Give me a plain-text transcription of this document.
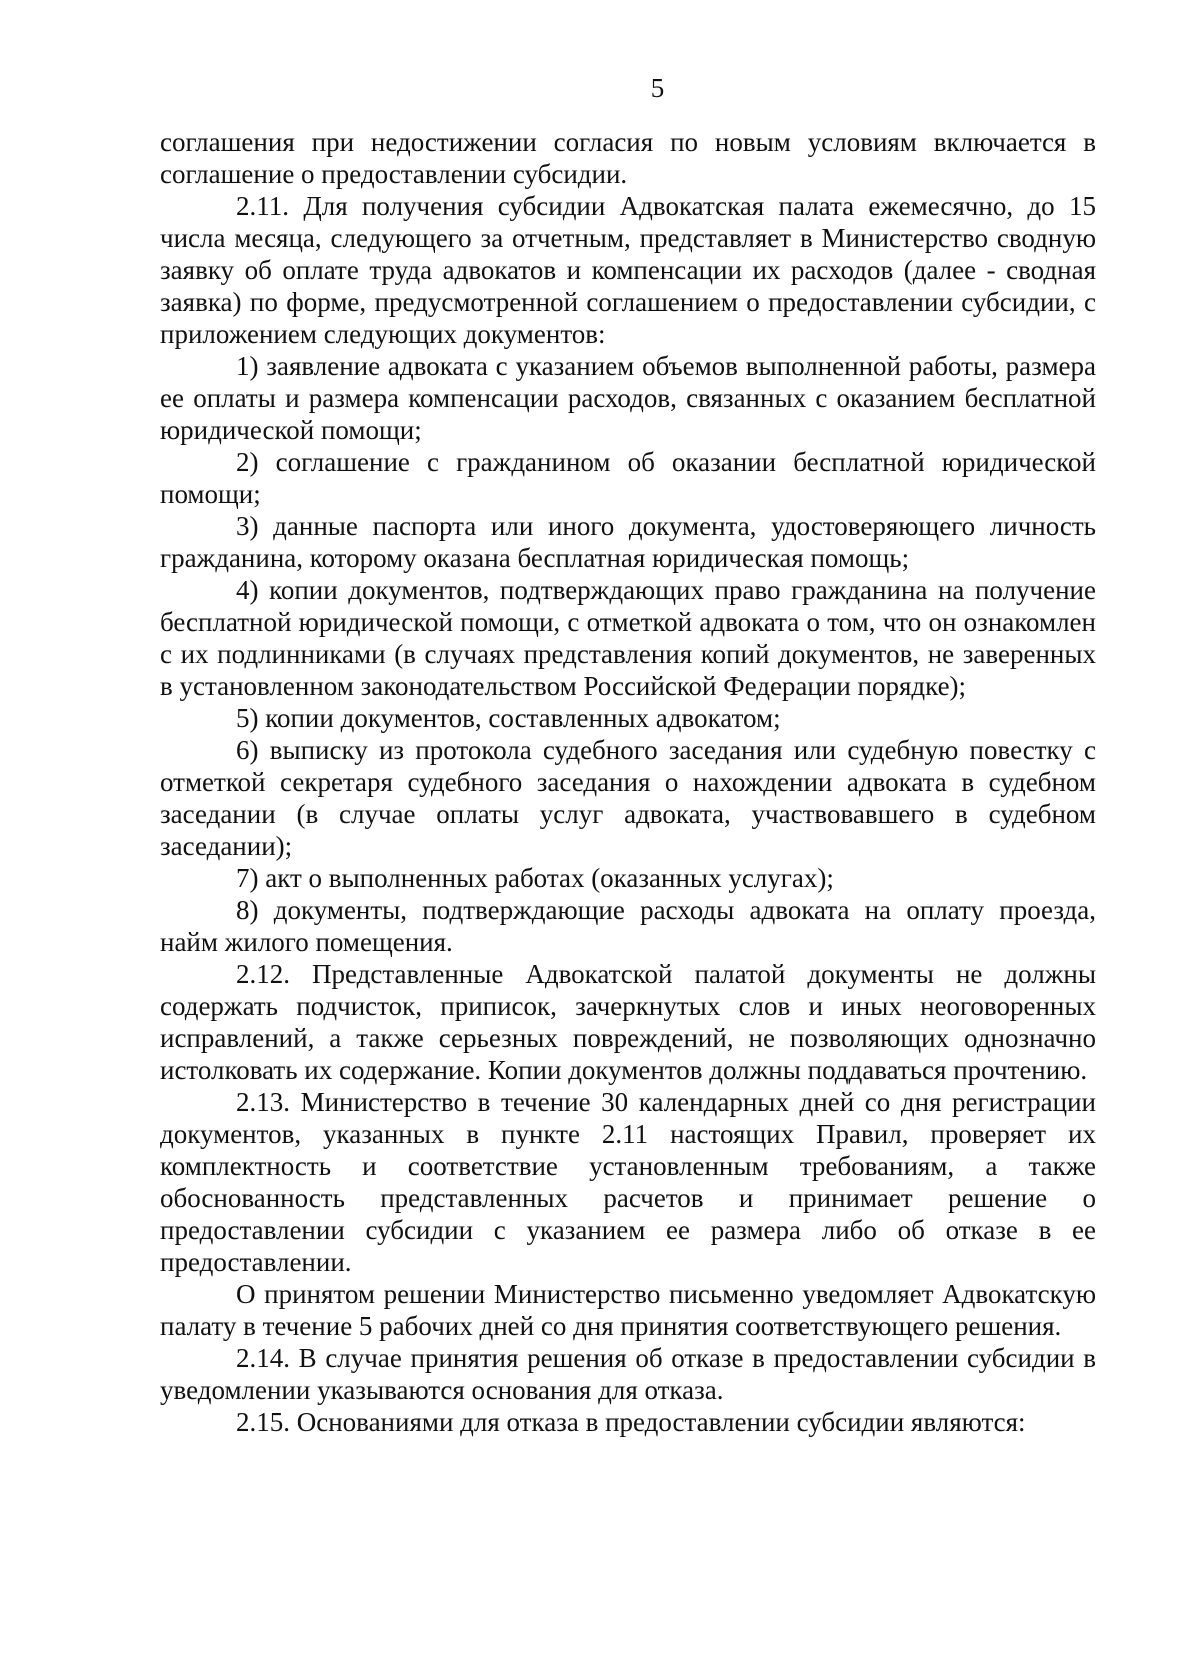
5

соглашения при недостижении согласия по новым условиям включается в соглашение о предоставлении субсидии.

2.11. Для получения субсидии Адвокатская палата ежемесячно, до 15 числа месяца, следующего за отчетным, представляет в Министерство сводную заявку об оплате труда адвокатов и компенсации их расходов (далее - сводная заявка) по форме, предусмотренной соглашением о предоставлении субсидии, с приложением следующих документов:

1) заявление адвоката с указанием объемов выполненной работы, размера ее оплаты и размера компенсации расходов, связанных с оказанием бесплатной юридической помощи;

2) соглашение с гражданином об оказании бесплатной юридической помощи;

3) данные паспорта или иного документа, удостоверяющего личность гражданина, которому оказана бесплатная юридическая помощь;

4) копии документов, подтверждающих право гражданина на получение бесплатной юридической помощи, с отметкой адвоката о том, что он ознакомлен с их подлинниками (в случаях представления копий документов, не заверенных в установленном законодательством Российской Федерации порядке);

5) копии документов, составленных адвокатом;

6) выписку из протокола судебного заседания или судебную повестку с отметкой секретаря судебного заседания о нахождении адвоката в судебном заседании (в случае оплаты услуг адвоката, участвовавшего в судебном заседании);

7) акт о выполненных работах (оказанных услугах);

8) документы, подтверждающие расходы адвоката на оплату проезда, найм жилого помещения.

2.12. Представленные Адвокатской палатой документы не должны содержать подчисток, приписок, зачеркнутых слов и иных неоговоренных исправлений, а также серьезных повреждений, не позволяющих однозначно истолковать их содержание. Копии документов должны поддаваться прочтению.

2.13. Министерство в течение 30 календарных дней со дня регистрации документов, указанных в пункте 2.11 настоящих Правил, проверяет их комплектность и соответствие установленным требованиям, а также обоснованность представленных расчетов и принимает решение о предоставлении субсидии с указанием ее размера либо об отказе в ее предоставлении.

О принятом решении Министерство письменно уведомляет Адвокатскую палату в течение 5 рабочих дней со дня принятия соответствующего решения.

2.14. В случае принятия решения об отказе в предоставлении субсидии в уведомлении указываются основания для отказа.

2.15. Основаниями для отказа в предоставлении субсидии являются:
